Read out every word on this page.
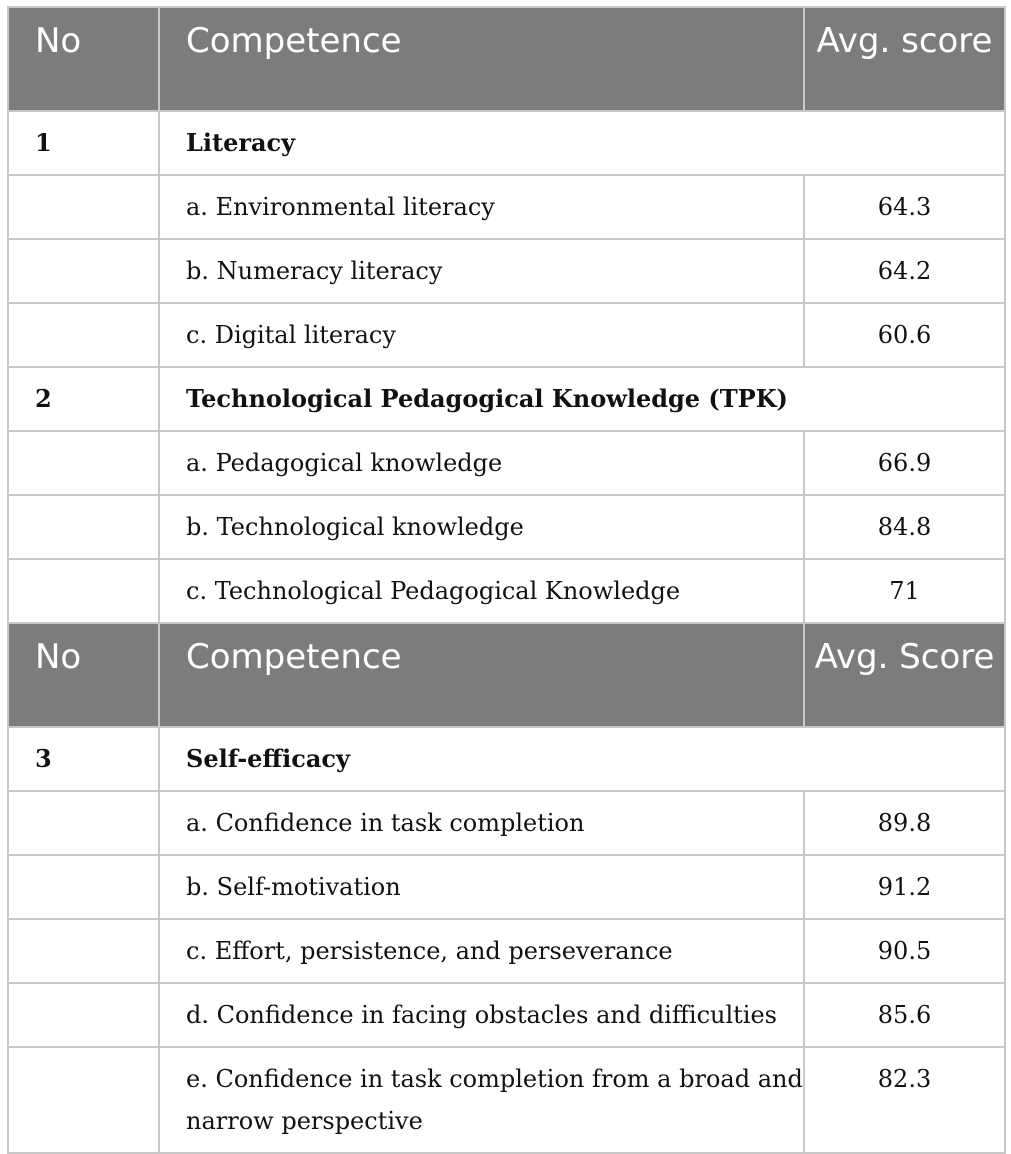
No	Competence	Avg. score
1	Literacy	
	a. Environmental literacy	64.3
	b. Numeracy literacy	64.2
	c. Digital literacy	60.6
2	Technological Pedagogical Knowledge (TPK)	
	a. Pedagogical knowledge	66.9
	b. Technological knowledge	84.8
	c. Technological Pedagogical Knowledge	71
No	Competence	Avg. Score
3	Self-efficacy	
	a. Confidence in task completion	89.8
	b. Self-motivation	91.2
	c. Effort, persistence, and perseverance	90.5
	d. Confidence in facing obstacles and difficulties	85.6
	e. Confidence in task completion from a broad and narrow perspective	82.3
